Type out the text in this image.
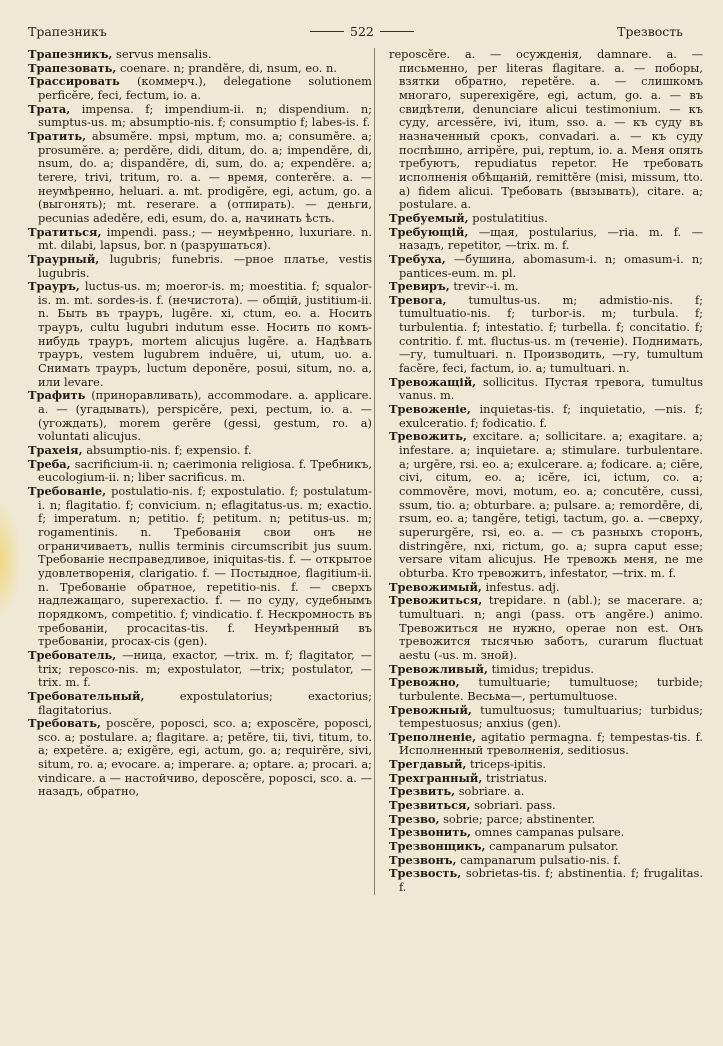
Трапезникъ	522	Трезвость
Трапезникъ, servus mensalis.
Трапезовать, coenare. n; prandĕre, di, nsum, eo. n.
Трассировать (коммерч.), delegatione solutionem perficĕre, feci, fectum, io. a.
Трата, impensa. f; impendium-ii. n; dispendium. n; sumptus-us. m; absumptio-nis. f; consumptio f; labes-is. f.
Тратить, absumĕre. mpsi, mptum, mo. a; consumĕre. a; prosumĕre. a; perdĕre, didi, ditum, do. a; impendĕre, di, nsum, do. a; dispandĕre, di, sum, do. a; expendĕre. a; terere, trivi, tritum, ro. a. — время, conterĕre. a. — неумѣренно, heluari. a. mt. prodigĕre, egi, actum, go. a (выгонять); mt. reserare. a (отпирать). — деньги, pecunias adedĕre, edi, esum, do. a, начинать ѣсть.
Тратиться, impendi. pass.; — неумѣренно, luxuriare. n. mt. dilabi, lapsus, bor. n (разрушаться).
Траурный, lugubris; funebris. —рное платье, vestis lugubris.
Трауръ, luctus-us. m; moeror-is. m; moestitia. f; squalor-is. m. mt. sordes-is. f. (нечистота). — общій, justitium-ii. n. Быть въ трауръ, lugēre. xi, ctum, eo. a. Носить трауръ, cultu lugubri indutum esse. Носить по комъ-нибудь трауръ, mortem alicujus lugēre. a. Надѣвать трауръ, vestem lugubrem induēre, ui, utum, uo. a. Снимать трауръ, luctum deponĕre, posui, situm, no. a, или levare.
Трафить (приноравливать), accommodare. a. applicare. a. — (угадывать), perspicĕre, pexi, pectum, io. a. — (угождать), morem gerĕre (gessi, gestum, ro. a) voluntati alicujus.
Трахеія, absumptio-nis. f; expensio. f.
Треба, sacrificium-ii. n; caerimonia religiosa. f. Требникъ, eucologium-ii. n; liber sacrificus. m.
Требованіе, postulatio-nis. f; expostulatio. f; postulatum-i. n; flagitatio. f; convicium. n; eflagitatus-us. m; exactio. f; imperatum. n; petitio. f; petitum. n; petitus-us. m; rogamentinis. n. Требованія свои онъ не ограничиваетъ, nullis terminis circumscribit jus suum. Требованіе несправедливое, iniquitas-tis. f. — открытое удовлетворенія, clarigatio. f. — Постыдное, flagitium-ii. n. Требованіе обратное, repetitio-nis. f. — сверхъ надлежащаго, superexactio. f. — по суду, судебнымъ порядкомъ, competitio. f; vindicatio. f. Нескромность въ требованіи, procacitas-tis. f. Неумѣренный въ требованіи, procax-cis (gen).
Требователь, —ница, exactor, —trix. m. f; flagitator, —trix; reposco-nis. m; expostulator, —trix; postulator, —trix. m. f.
Требовательный,	expostulatorius; exactorius; flagitatorius.
Требовать, poscĕre, poposci, sco. a; exposcĕre, poposci, sco. a; postulare. a; flagitare. a; petĕre, tii, tivi, titum, to. a; expetĕre. a; exigĕre, egi, actum, go. a; requirĕre, sivi, situm, ro. a; evocare. a; imperare. a; optare. a; procari. a; vindicare. a — настойчиво, deposcĕre, poposci, sco. a. —назадъ, обратно,
reposcĕre. a. — осужденія, damnare. a. — письменно, per literas flagitare. a. — поборы, взятки обратно, repetĕre. a. — слишкомъ многаго, superexigĕre, egi, actum, go. a. — въ свидѣтели, denunciare alicui testimonium. — къ суду, arcessĕre, ivi, itum, sso. a. — къ суду въ назначенный срокъ, convadari. a. — къ суду поспѣшно, arripĕre, pui, reptum, io. a. Меня опять требуютъ, repudiatus repetor. Не требовать исполненія обѣщаній, remittĕre (misi, missum, tto. a) fidem alicui. Требовать (вызывать), citare. a; postulare. a.
Требуемый, postulatitius.
Требующій, —щая, postularius, —ria. m. f. — назадъ, repetitor, —trix. m. f.
Требуха, —бушина, abomasum-i. n; omasum-i. n; pantices-eum. m. pl.
Тревиръ, trevir--i. m.
Тревога, tumultus-us. m; admistio-nis. f; tumultuatio-nis. f; turbor-is. m; turbula. f; turbulentia. f; intestatio. f; turbella. f; concitatio. f; contritio. f. mt. fluctus-us. m (теченіе). Поднимать, —гу, tumultuari. n. Производить, —гу, tumultum facĕre, feci, factum, io. a; tumultuari. n.
Тревожащій, sollicitus. Пустая тревога, tumultus vanus. m.
Тревоженіе, inquietas-tis. f; inquietatio, —nis. f; exulceratio. f; fodicatio. f.
Тревожить, excitare. a; sollicitare. a; exagitare. a; infestare. a; inquietare. a; stimulare. turbulentare. a; urgēre, rsi. eo. a; exulcerare. a; fodicare. a; ciēre, civi, citum, eo. a; icĕre, ici, ictum, co. a; commovĕre, movi, motum, eo. a; concutĕre, cussi, ssum, tio. a; obturbare. a; pulsare. a; remordēre, di, rsum, eo. a; tangĕre, tetigi, tactum, go. a. —сверху, superurgĕre, rsi, eo. a. — съ разныхъ сторонъ, distringĕre, nxi, rictum, go. a; supra caput esse; versare vitam alicujus. Не тревожь меня, ne me obturba. Кто тревожитъ, infestator, —trix. m. f.
Тревожимый, infestus. adj.
Тревожиться, trepidare. n (abl.); se macerare. a; tumultuari. n; angi (pass. отъ angĕre.) animo. Тревожиться не нужно, operae non est. Онъ тревожится тысячью заботъ, curarum fluctuat aestu (-us. m. зной).
Тревожливый, timidus; trepidus.
Тревожно, tumultuarie; tumultuose; turbide; turbulente. Весьма—, pertumultuose.
Тревожный, tumultuosus; tumultuarius; turbidus; tempestuosus; anxius (gen).
Треполненіе, agitatio permagna. f; tempestas-tis. f. Исполненный треволненія, seditiosus.
Трегдавый, triceps-ipitis.
Трехгранный, tristriatus.
Трезвить, sobriare. a.
Трезвиться, sobriari. pass.
Трезво, sobrie; parce; abstinenter.
Трезвонить, omnes campanas pulsare.
Трезвонщикъ, campanarum pulsator.
Трезвонъ, campanarum pulsatio-nis. f.
Трезвость, sobrietas-tis. f; abstinentia. f; frugalitas. f.
